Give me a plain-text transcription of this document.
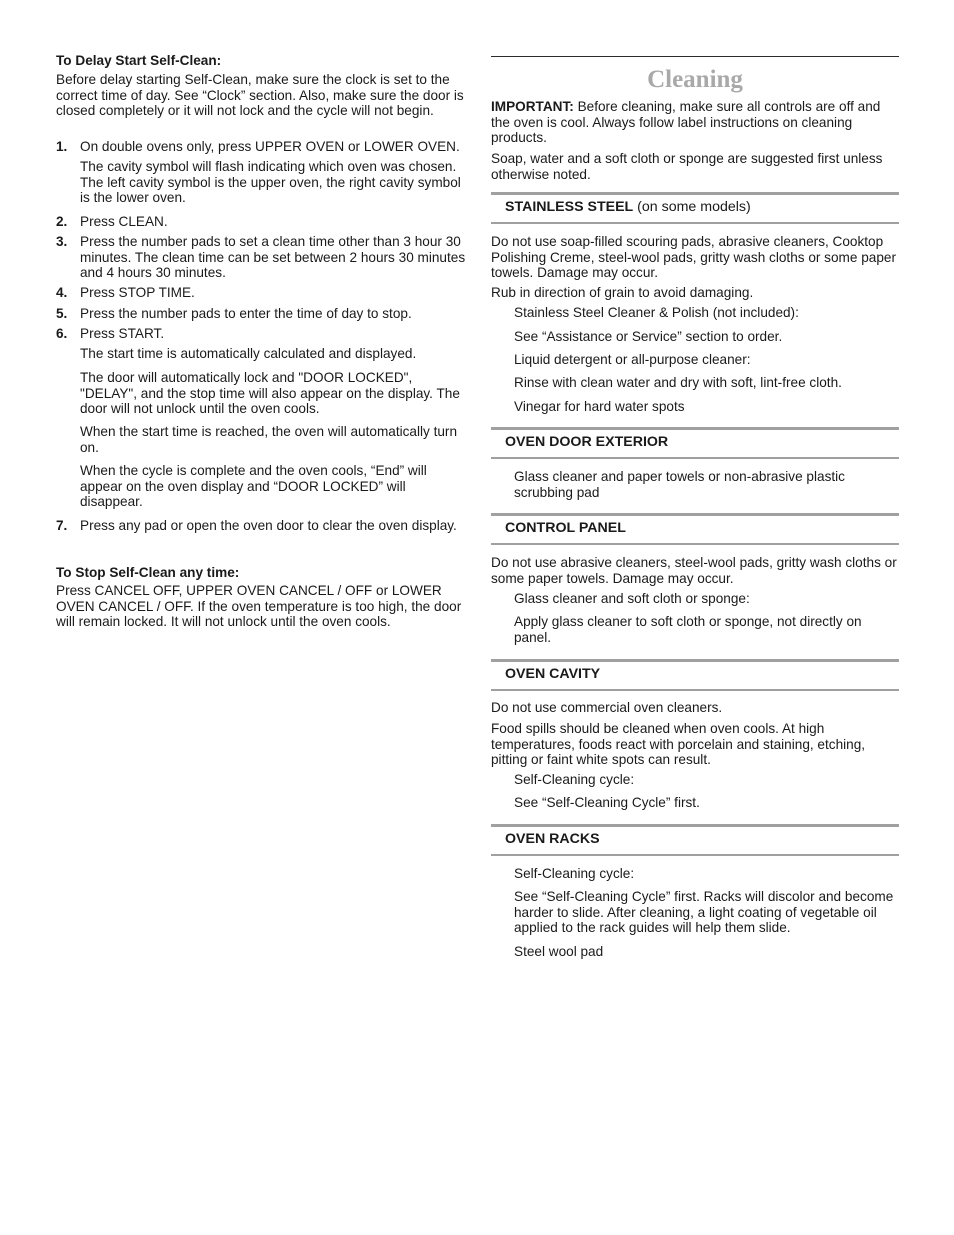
To Delay Start Self-Clean:

Before delay starting Self-Clean, make sure the clock is set to the correct time of day. See “Clock” section. Also, make sure the door is closed completely or it will not lock and the cycle will not begin.

1. On double ovens only, press UPPER OVEN or LOWER OVEN.

The cavity symbol will flash indicating which oven was chosen. The left cavity symbol is the upper oven, the right cavity symbol is the lower oven.

2. Press CLEAN.
3. Press the number pads to set a clean time other than 3 hour 30 minutes. The clean time can be set between 2 hours 30 minutes and 4 hours 30 minutes.
4. Press STOP TIME.
5. Press the number pads to enter the time of day to stop.
6. Press START.

The start time is automatically calculated and displayed.

The door will automatically lock and "DOOR LOCKED", "DELAY", and the stop time will also appear on the display. The door will not unlock until the oven cools.

When the start time is reached, the oven will automatically turn on.

When the cycle is complete and the oven cools, “End” will appear on the oven display and “DOOR LOCKED” will disappear.

7. Press any pad or open the oven door to clear the oven display.

To Stop Self-Clean any time:

Press CANCEL OFF, UPPER OVEN CANCEL / OFF or LOWER OVEN CANCEL / OFF. If the oven temperature is too high, the door will remain locked. It will not unlock until the oven cools.

Cleaning

IMPORTANT: Before cleaning, make sure all controls are off and the oven is cool. Always follow label instructions on cleaning products.

Soap, water and a soft cloth or sponge are suggested first unless otherwise noted.

STAINLESS STEEL (on some models)

Do not use soap-filled scouring pads, abrasive cleaners, Cooktop Polishing Creme, steel-wool pads, gritty wash cloths or some paper towels. Damage may occur.

Rub in direction of grain to avoid damaging.

Stainless Steel Cleaner & Polish (not included):

See “Assistance or Service” section to order.

Liquid detergent or all-purpose cleaner:

Rinse with clean water and dry with soft, lint-free cloth.

Vinegar for hard water spots

OVEN DOOR EXTERIOR

Glass cleaner and paper towels or non-abrasive plastic scrubbing pad

CONTROL PANEL

Do not use abrasive cleaners, steel-wool pads, gritty wash cloths or some paper towels. Damage may occur.

Glass cleaner and soft cloth or sponge:

Apply glass cleaner to soft cloth or sponge, not directly on panel.

OVEN CAVITY

Do not use commercial oven cleaners.

Food spills should be cleaned when oven cools. At high temperatures, foods react with porcelain and staining, etching, pitting or faint white spots can result.

Self-Cleaning cycle:

See “Self-Cleaning Cycle” first.

OVEN RACKS

Self-Cleaning cycle:

See “Self-Cleaning Cycle” first. Racks will discolor and become harder to slide. After cleaning, a light coating of vegetable oil applied to the rack guides will help them slide.

Steel wool pad
